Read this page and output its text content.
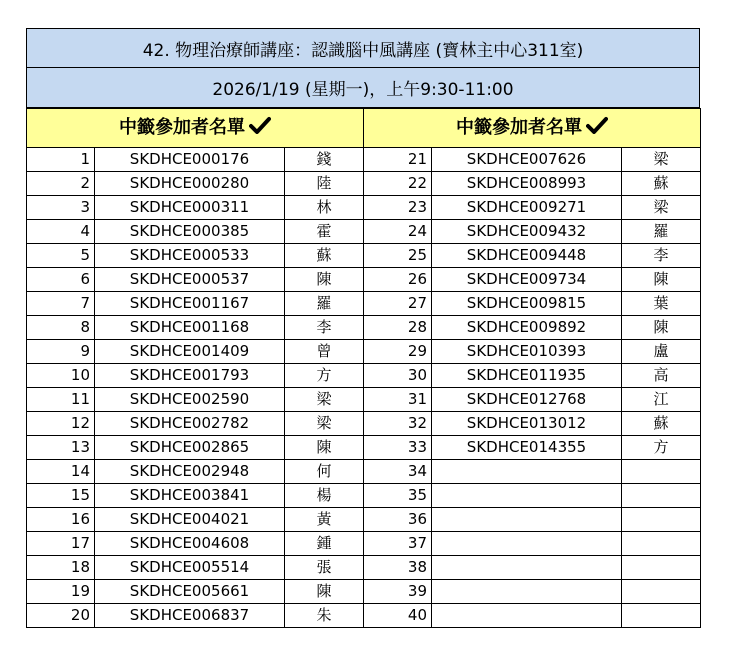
42. 物理治療師講座：認識腦中風講座 (寶林主中心311室)
2026/1/19 (星期一)，上午9:30-11:00
中籤參加者名單			中籤參加者名單		
1	SKDHCE000176	錢	21	SKDHCE007626	梁
2	SKDHCE000280	陸	22	SKDHCE008993	蘇
3	SKDHCE000311	林	23	SKDHCE009271	梁
4	SKDHCE000385	霍	24	SKDHCE009432	羅
5	SKDHCE000533	蘇	25	SKDHCE009448	李
6	SKDHCE000537	陳	26	SKDHCE009734	陳
7	SKDHCE001167	羅	27	SKDHCE009815	葉
8	SKDHCE001168	李	28	SKDHCE009892	陳
9	SKDHCE001409	曾	29	SKDHCE010393	盧
10	SKDHCE001793	方	30	SKDHCE011935	高
11	SKDHCE002590	梁	31	SKDHCE012768	江
12	SKDHCE002782	梁	32	SKDHCE013012	蘇
13	SKDHCE002865	陳	33	SKDHCE014355	方
14	SKDHCE002948	何	34		
15	SKDHCE003841	楊	35		
16	SKDHCE004021	黃	36		
17	SKDHCE004608	鍾	37		
18	SKDHCE005514	張	38		
19	SKDHCE005661	陳	39		
20	SKDHCE006837	朱	40		
